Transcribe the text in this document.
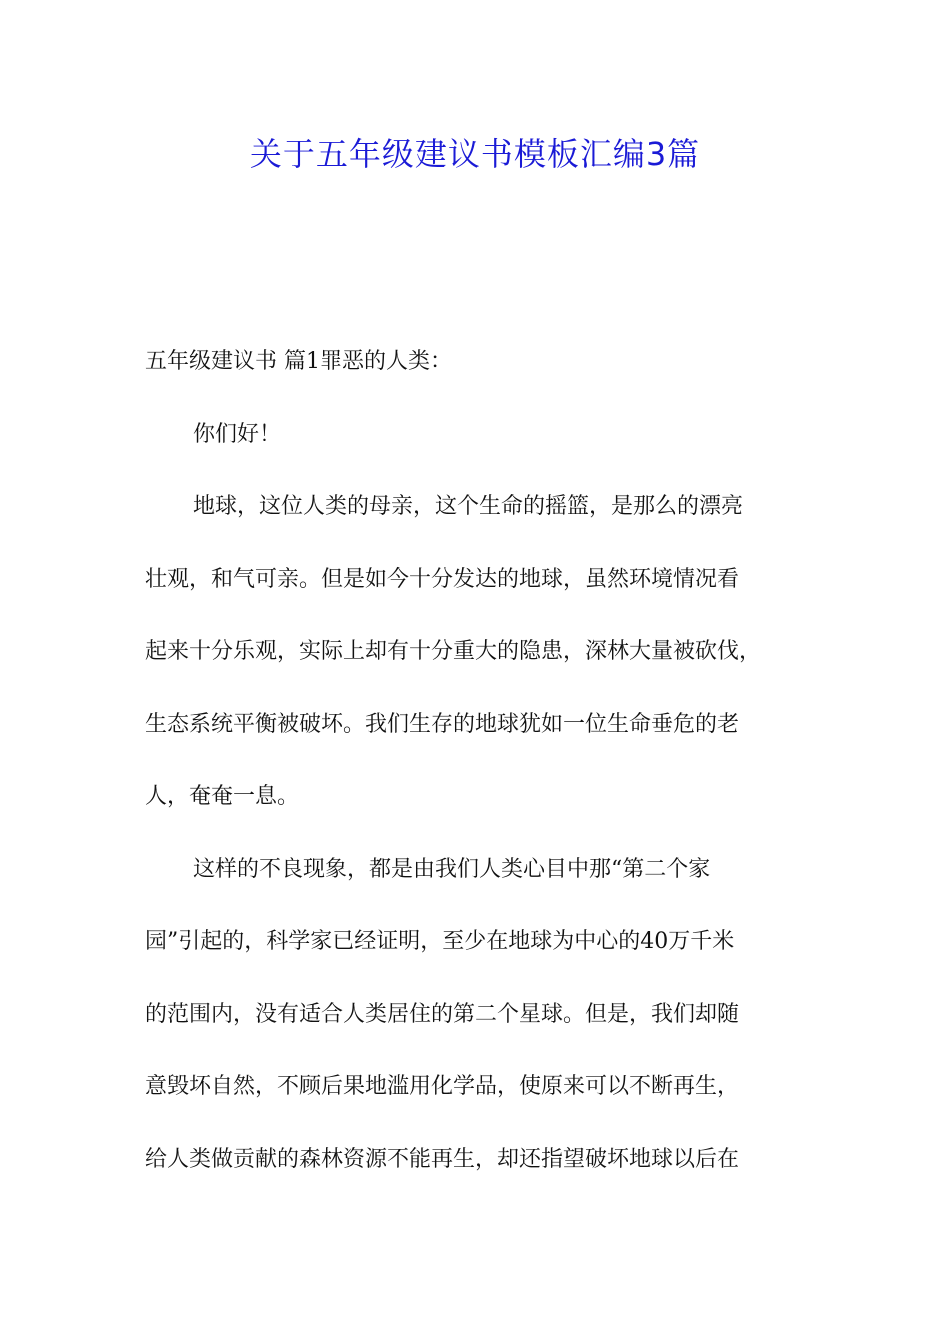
关于五年级建议书模板汇编3篇
五年级建议书 篇1罪恶的人类：
你们好！
地球，这位人类的母亲，这个生命的摇篮，是那么的漂亮
壮观，和气可亲。但是如今十分发达的地球，虽然环境情况看
起来十分乐观，实际上却有十分重大的隐患，深林大量被砍伐，
生态系统平衡被破坏。我们生存的地球犹如一位生命垂危的老
人，奄奄一息。
这样的不良现象，都是由我们人类心目中那“第二个家
园”引起的，科学家已经证明，至少在地球为中心的40万千米
的范围内，没有适合人类居住的第二个星球。但是，我们却随
意毁坏自然，不顾后果地滥用化学品，使原来可以不断再生，
给人类做贡献的森林资源不能再生，却还指望破坏地球以后在
